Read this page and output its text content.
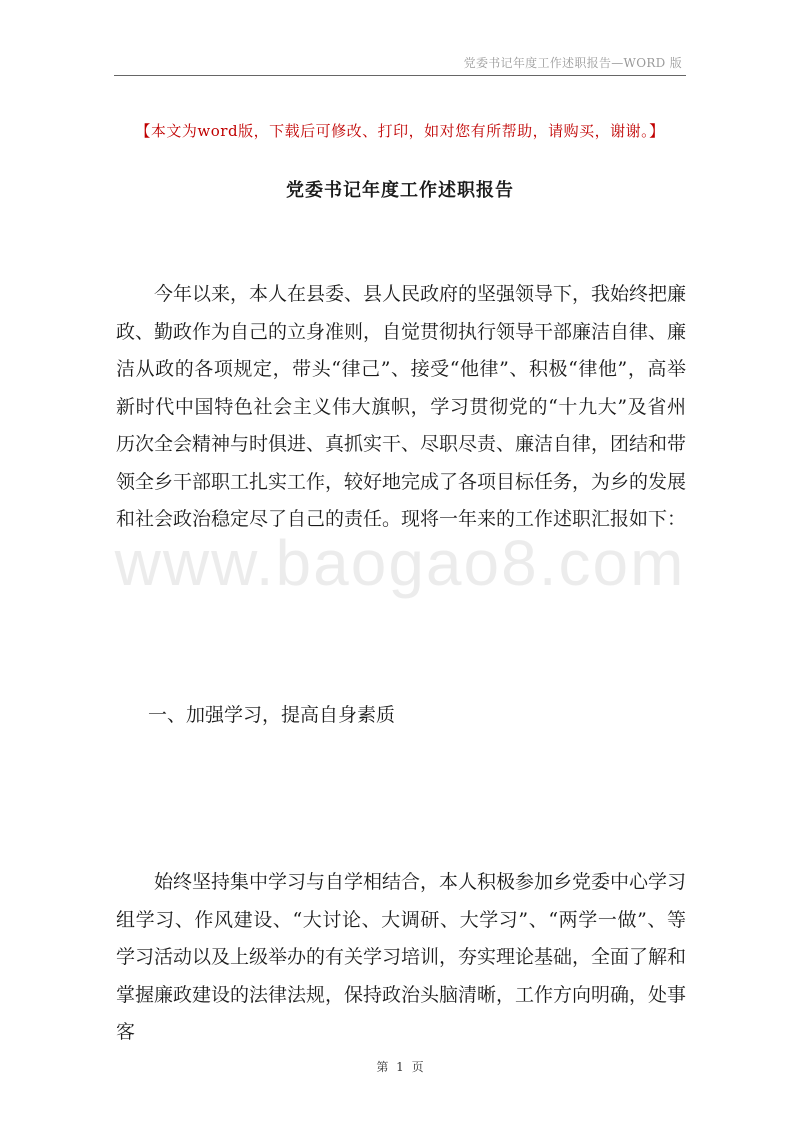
党委书记年度工作述职报告—WORD 版
www.baogao8.com
【本文为word版，下载后可修改、打印，如对您有所帮助，请购买，谢谢。】
党委书记年度工作述职报告

今年以来，本人在县委、县人民政府的坚强领导下，我始终把廉政、勤政作为自己的立身准则，自觉贯彻执行领导干部廉洁自律、廉洁从政的各项规定，带头“律己”、接受“他律”、积极“律他”，高举新时代中国特色社会主义伟大旗帜，学习贯彻党的“十九大”及省州历次全会精神与时俱进、真抓实干、尽职尽责、廉洁自律，团结和带领全乡干部职工扎实工作，较好地完成了各项目标任务，为乡的发展和社会政治稳定尽了自己的责任。现将一年来的工作述职汇报如下：

一、加强学习，提高自身素质

始终坚持集中学习与自学相结合，本人积极参加乡党委中心学习组学习、作风建设、“大讨论、大调研、大学习”、“两学一做”、等学习活动以及上级举办的有关学习培训，夯实理论基础，全面了解和掌握廉政建设的法律法规，保持政治头脑清晰，工作方向明确，处事客

第 1 页
